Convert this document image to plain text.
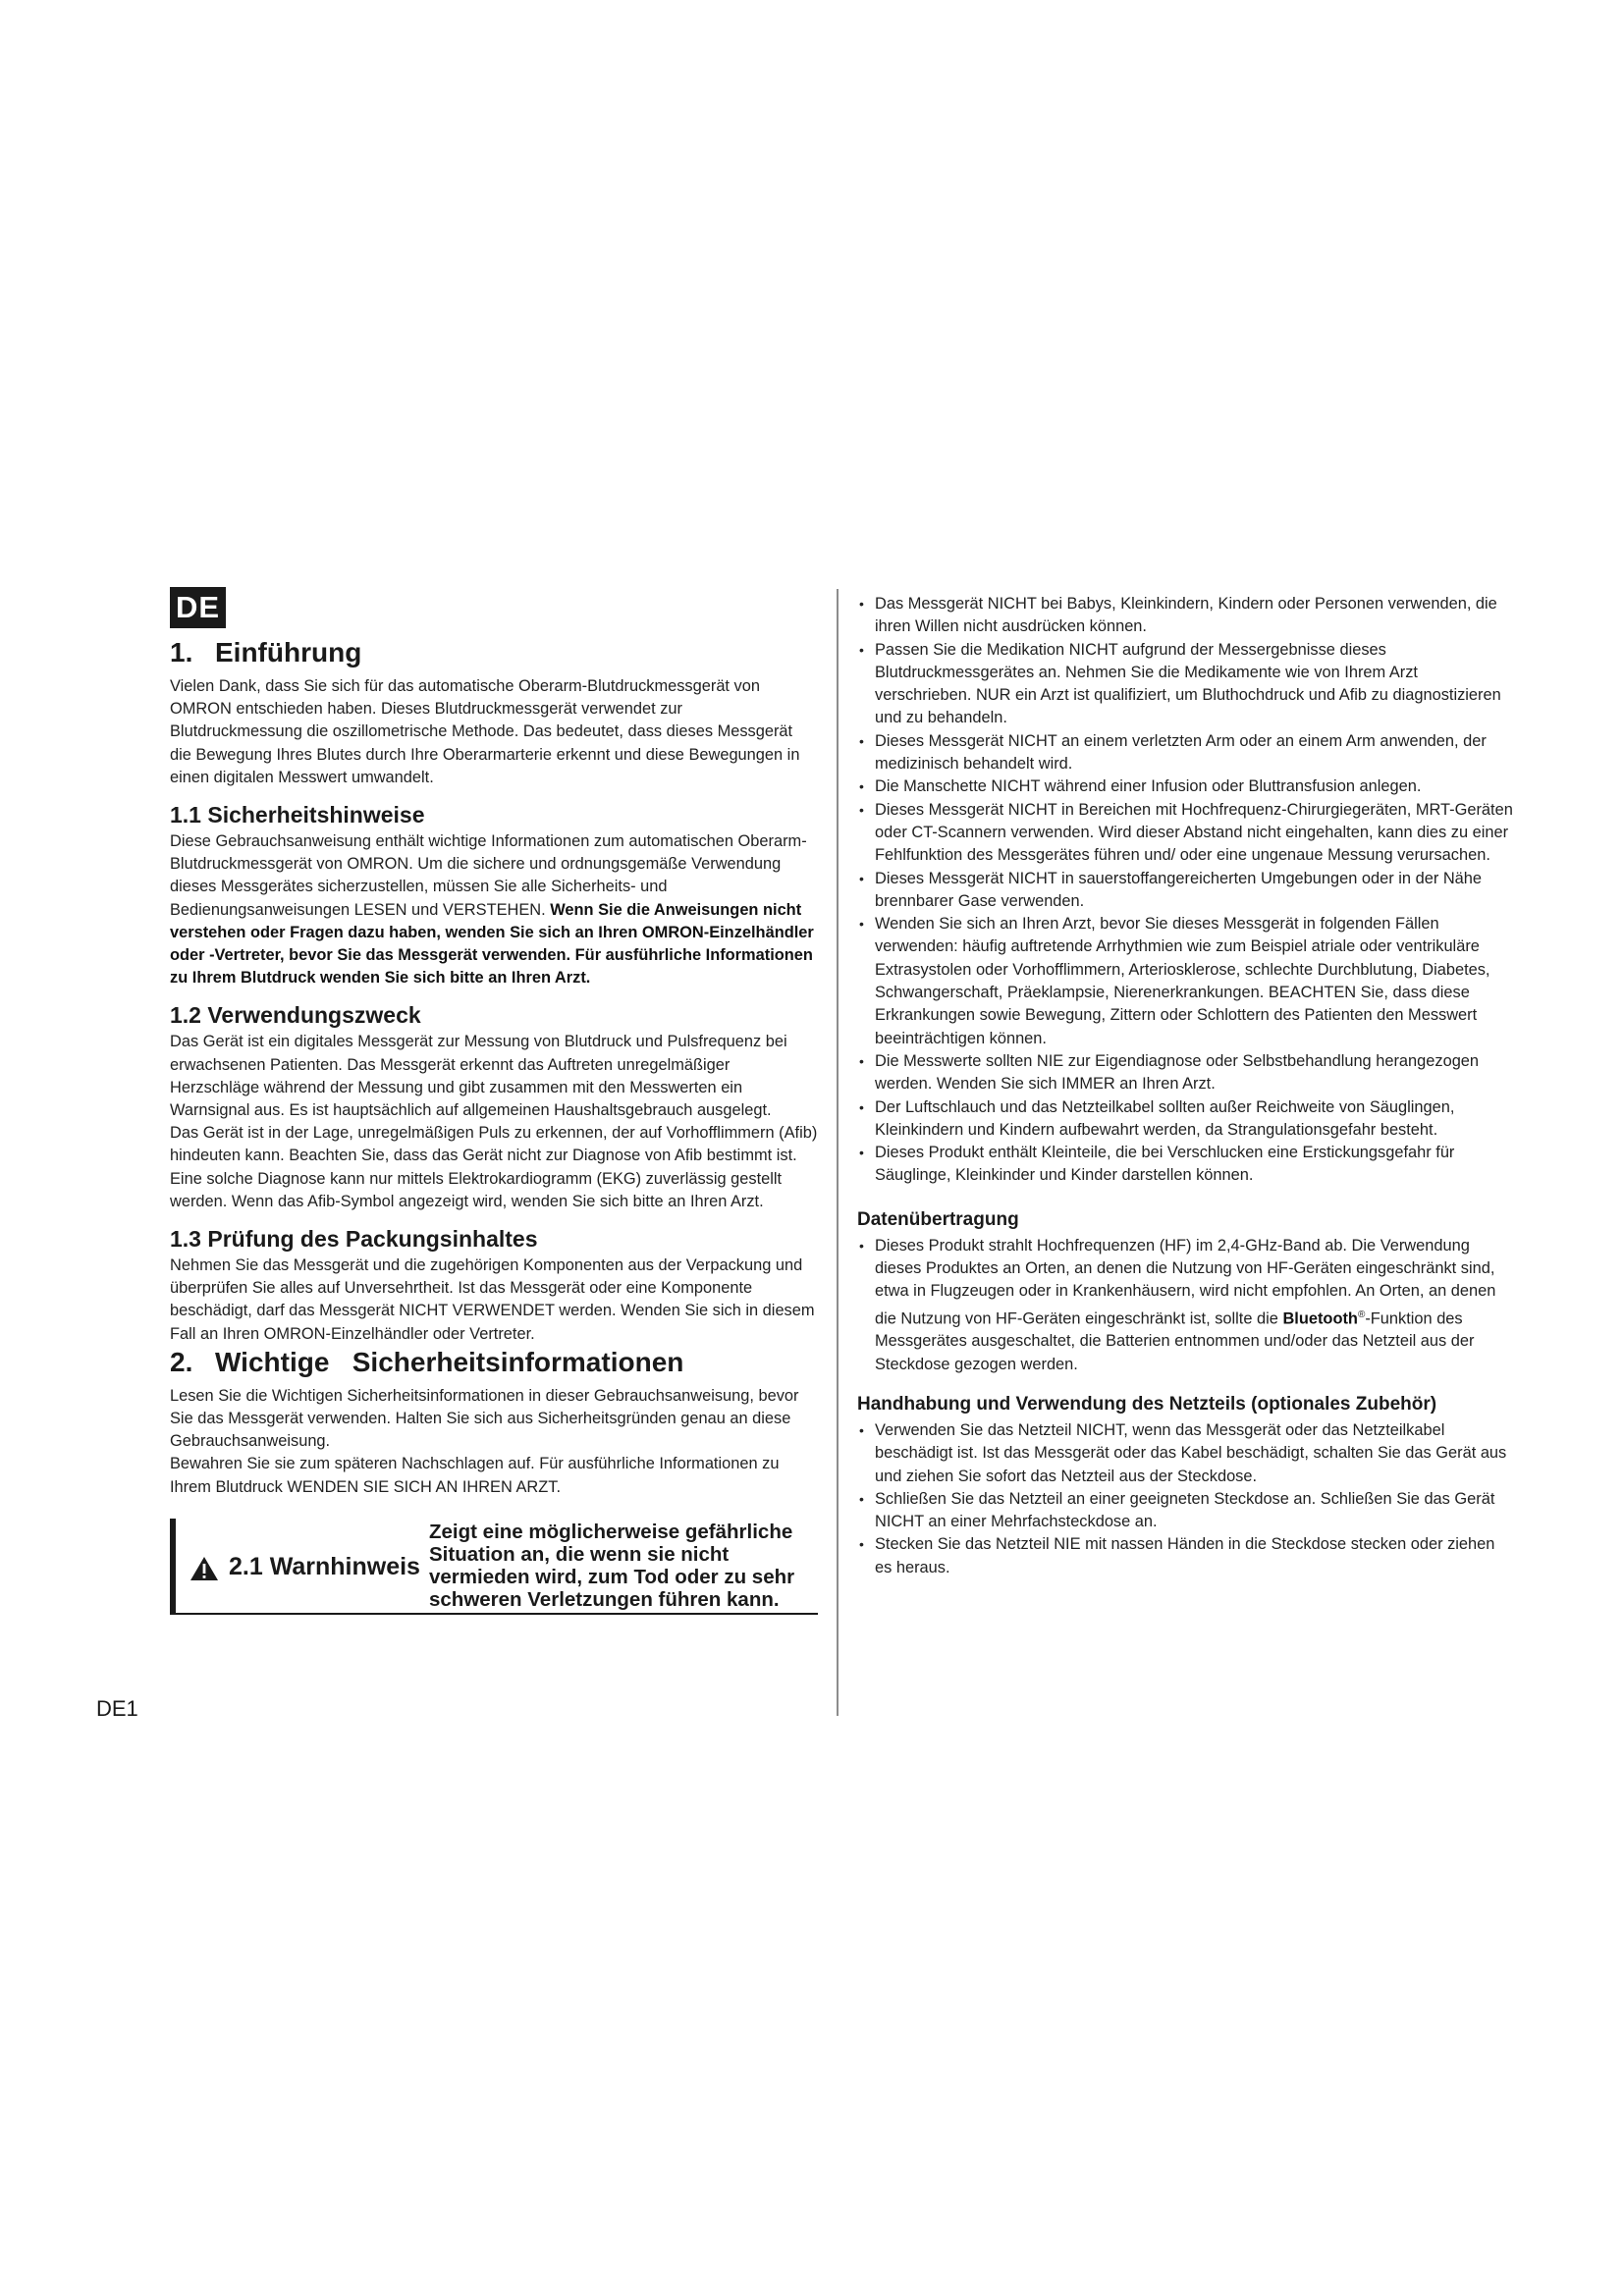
DE
1. Einführung

Vielen Dank, dass Sie sich für das automatische Oberarm-Blutdruckmessgerät von OMRON entschieden haben. Dieses Blutdruckmessgerät verwendet zur Blutdruckmessung die oszillometrische Methode. Das bedeutet, dass dieses Messgerät die Bewegung Ihres Blutes durch Ihre Oberarmarterie erkennt und diese Bewegungen in einen digitalen Messwert umwandelt.

1.1 Sicherheitshinweise

Diese Gebrauchsanweisung enthält wichtige Informationen zum automatischen Oberarm-Blutdruckmessgerät von OMRON. Um die sichere und ordnungsgemäße Verwendung dieses Messgerätes sicherzustellen, müssen Sie alle Sicherheits- und Bedienungsanweisungen LESEN und VERSTEHEN. Wenn Sie die Anweisungen nicht verstehen oder Fragen dazu haben, wenden Sie sich an Ihren OMRON-Einzelhändler oder -Vertreter, bevor Sie das Messgerät verwenden. Für ausführliche Informationen zu Ihrem Blutdruck wenden Sie sich bitte an Ihren Arzt.

1.2 Verwendungszweck

Das Gerät ist ein digitales Messgerät zur Messung von Blutdruck und Pulsfrequenz bei erwachsenen Patienten. Das Messgerät erkennt das Auftreten unregelmäßiger Herzschläge während der Messung und gibt zusammen mit den Messwerten ein Warnsignal aus. Es ist hauptsächlich auf allgemeinen Haushaltsgebrauch ausgelegt.

Das Gerät ist in der Lage, unregelmäßigen Puls zu erkennen, der auf Vorhofflimmern (Afib) hindeuten kann. Beachten Sie, dass das Gerät nicht zur Diagnose von Afib bestimmt ist. Eine solche Diagnose kann nur mittels Elektrokardiogramm (EKG) zuverlässig gestellt werden. Wenn das Afib-Symbol angezeigt wird, wenden Sie sich bitte an Ihren Arzt.

1.3 Prüfung des Packungsinhaltes

Nehmen Sie das Messgerät und die zugehörigen Komponenten aus der Verpackung und überprüfen Sie alles auf Unversehrtheit. Ist das Messgerät oder eine Komponente beschädigt, darf das Messgerät NICHT VERWENDET werden. Wenden Sie sich in diesem Fall an Ihren OMRON-Einzelhändler oder Vertreter.

2. Wichtige   Sicherheitsinformationen

Lesen Sie die Wichtigen Sicherheitsinformationen in dieser Gebrauchsanweisung, bevor Sie das Messgerät verwenden. Halten Sie sich aus Sicherheitsgründen genau an diese Gebrauchsanweisung.

Bewahren Sie sie zum späteren Nachschlagen auf. Für ausführliche Informationen zu Ihrem Blutdruck WENDEN SIE SICH AN IHREN ARZT.

2.1 Warnhinweis
Zeigt eine möglicherweise gefährliche Situation an, die wenn sie nicht vermieden wird, zum Tod oder zu sehr schweren Verletzungen führen kann.
• Das Messgerät NICHT bei Babys, Kleinkindern, Kindern oder Personen verwenden, die ihren Willen nicht ausdrücken können.
• Passen Sie die Medikation NICHT aufgrund der Messergebnisse dieses Blutdruckmessgerätes an. Nehmen Sie die Medikamente wie von Ihrem Arzt verschrieben. NUR ein Arzt ist qualifiziert, um Bluthochdruck und Afib zu diagnostizieren und zu behandeln.
• Dieses Messgerät NICHT an einem verletzten Arm oder an einem Arm anwenden, der medizinisch behandelt wird.
• Die Manschette NICHT während einer Infusion oder Bluttransfusion anlegen.
• Dieses Messgerät NICHT in Bereichen mit Hochfrequenz-Chirurgiegeräten, MRT-Geräten oder CT-Scannern verwenden. Wird dieser Abstand nicht eingehalten, kann dies zu einer Fehlfunktion des Messgerätes führen und/ oder eine ungenaue Messung verursachen.
• Dieses Messgerät NICHT in sauerstoffangereicherten Umgebungen oder in der Nähe brennbarer Gase verwenden.
• Wenden Sie sich an Ihren Arzt, bevor Sie dieses Messgerät in folgenden Fällen verwenden: häufig auftretende Arrhythmien wie zum Beispiel atriale oder ventrikuläre Extrasystolen oder Vorhofflimmern, Arteriosklerose, schlechte Durchblutung, Diabetes, Schwangerschaft, Präeklampsie, Nierenerkrankungen. BEACHTEN Sie, dass diese Erkrankungen sowie Bewegung, Zittern oder Schlottern des Patienten den Messwert beeinträchtigen können.
• Die Messwerte sollten NIE zur Eigendiagnose oder Selbstbehandlung herangezogen werden. Wenden Sie sich IMMER an Ihren Arzt.
• Der Luftschlauch und das Netzteilkabel sollten außer Reichweite von Säuglingen, Kleinkindern und Kindern aufbewahrt werden, da Strangulationsgefahr besteht.
• Dieses Produkt enthält Kleinteile, die bei Verschlucken eine Erstickungsgefahr für Säuglinge, Kleinkinder und Kinder darstellen können.
Datenübertragung
• Dieses Produkt strahlt Hochfrequenzen (HF) im 2,4-GHz-Band ab. Die Verwendung dieses Produktes an Orten, an denen die Nutzung von HF-Geräten eingeschränkt sind, etwa in Flugzeugen oder in Krankenhäusern, wird nicht empfohlen. An Orten, an denen die Nutzung von HF-Geräten eingeschränkt ist, sollte die Bluetooth®-Funktion des Messgerätes ausgeschaltet, die Batterien entnommen und/oder das Netzteil aus der Steckdose gezogen werden.
Handhabung und Verwendung des Netzteils (optionales Zubehör)
• Verwenden Sie das Netzteil NICHT, wenn das Messgerät oder das Netzteilkabel beschädigt ist. Ist das Messgerät oder das Kabel beschädigt, schalten Sie das Gerät aus und ziehen Sie sofort das Netzteil aus der Steckdose.
• Schließen Sie das Netzteil an einer geeigneten Steckdose an. Schließen Sie das Gerät NICHT an einer Mehrfachsteckdose an.
• Stecken Sie das Netzteil NIE mit nassen Händen in die Steckdose stecken oder ziehen es heraus.
DE1
